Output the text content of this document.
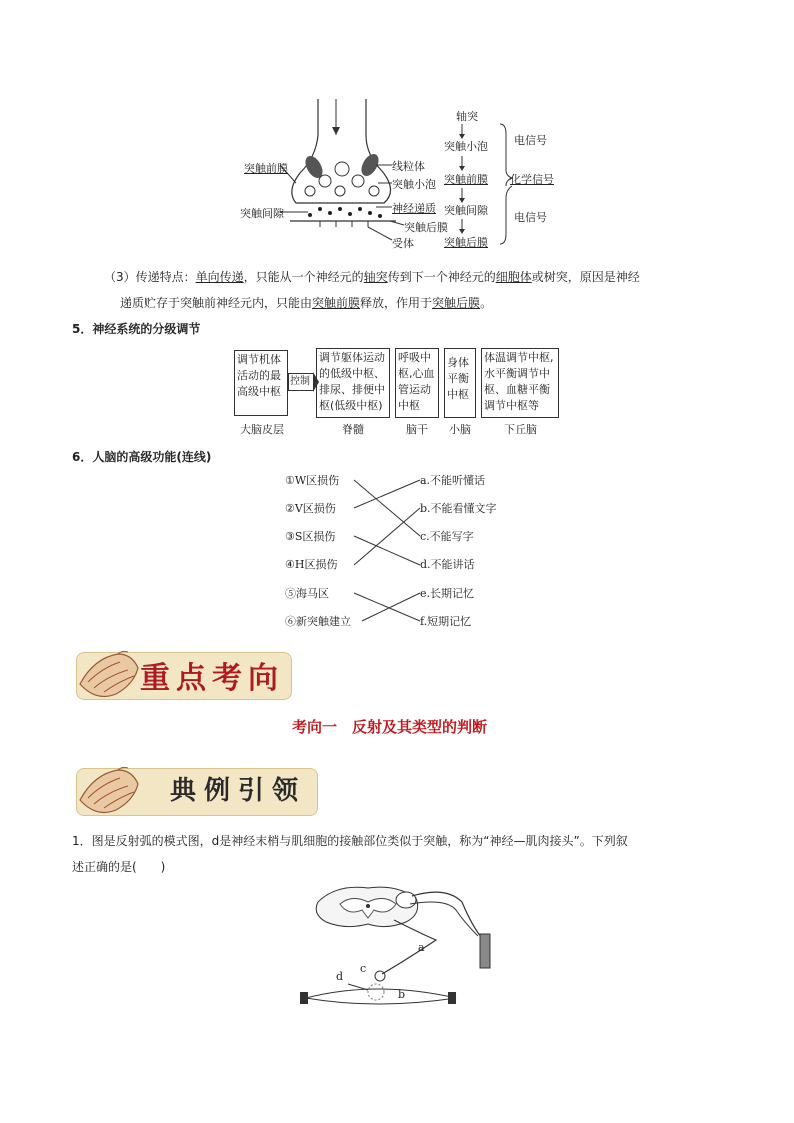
突触前膜
突触间隙
线粒体
突触小泡
神经递质
突触后膜
受体
轴突
突触小泡
突触前膜
突触间隙
突触后膜
电信号
化学信号
电信号
（3）传递特点：单向传递，只能从一个神经元的轴突传到下一个神经元的细胞体或树突，原因是神经
递质贮存于突触前神经元内，只能由突触前膜释放，作用于突触后膜。
5．神经系统的分级调节
调节机体
活动的最
高级中枢
控制
调节躯体运动
的低级中枢、
排尿、排便中
枢(低级中枢)
呼吸中
枢,心血
管运动
中枢
身体
平衡
中枢
体温调节中枢,
水平衡调节中
枢、血糖平衡
调节中枢等
大脑皮层	脊髓	脑干 小脑	下丘脑
6．人脑的高级功能(连线)
①W区损伤
②V区损伤
③S区损伤
④H区损伤
⑤海马区
⑥新突触建立
a.不能听懂话
b.不能看懂文字
c.不能写字
d.不能讲话
e.长期记忆
f.短期记忆
重点考向
考向一　反射及其类型的判断
典例引领
1．图是反射弧的模式图，d是神经末梢与肌细胞的接触部位类似于突触，称为“神经—肌肉接头”。下列叙
述正确的是(　　)
a
b
c
d
